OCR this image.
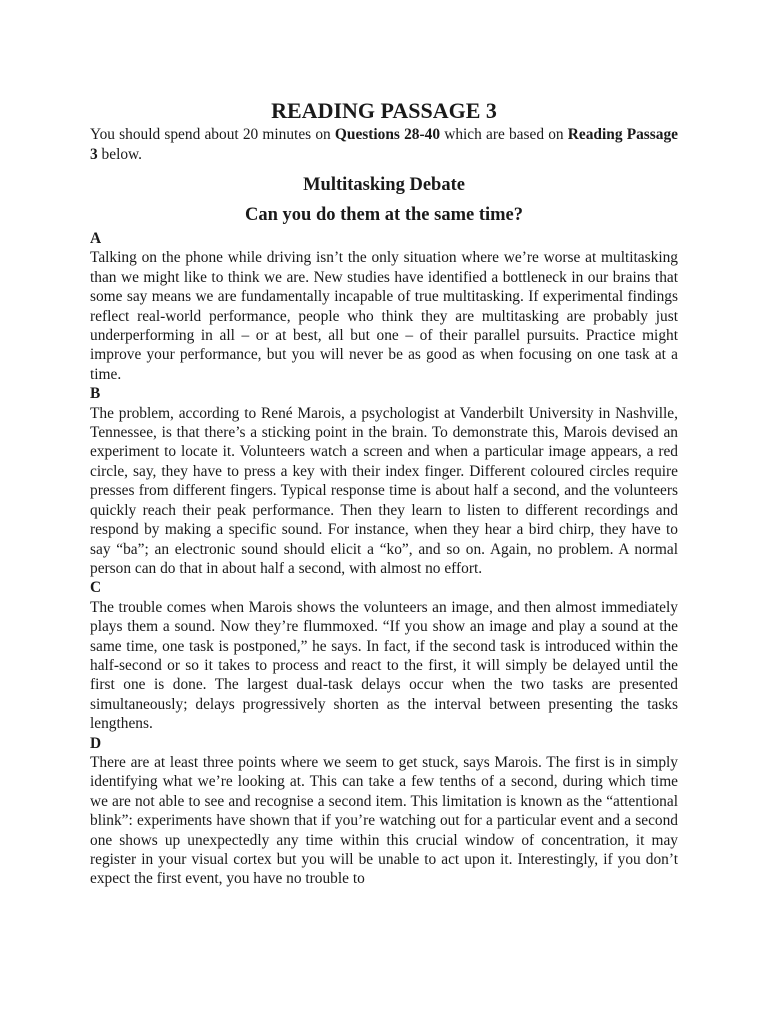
READING PASSAGE 3

You should spend about 20 minutes on Questions 28-40 which are based on Reading Passage 3 below.

Multitasking Debate
Can you do them at the same time?

A

Talking on the phone while driving isn’t the only situation where we’re worse at multitasking than we might like to think we are. New studies have identified a bottleneck in our brains that some say means we are fundamentally incapable of true multitasking. If experimental findings reflect real-world performance, people who think they are multitasking are probably just underperforming in all – or at best, all but one – of their parallel pursuits. Practice might improve your performance, but you will never be as good as when focusing on one task at a time.

B

The problem, according to René Marois, a psychologist at Vanderbilt University in Nashville, Tennessee, is that there’s a sticking point in the brain. To demonstrate this, Marois devised an experiment to locate it. Volunteers watch a screen and when a particular image appears, a red circle, say, they have to press a key with their index finger. Different coloured circles require presses from different fingers. Typical response time is about half a second, and the volunteers quickly reach their peak performance. Then they learn to listen to different recordings and respond by making a specific sound. For instance, when they hear a bird chirp, they have to say “ba”; an electronic sound should elicit a “ko”, and so on. Again, no problem. A normal person can do that in about half a second, with almost no effort.

C

The trouble comes when Marois shows the volunteers an image, and then almost immediately plays them a sound. Now they’re flummoxed. “If you show an image and play a sound at the same time, one task is postponed,” he says. In fact, if the second task is introduced within the half-second or so it takes to process and react to the first, it will simply be delayed until the first one is done. The largest dual-task delays occur when the two tasks are presented simultaneously; delays progressively shorten as the interval between presenting the tasks lengthens.

D

There are at least three points where we seem to get stuck, says Marois. The first is in simply identifying what we’re looking at. This can take a few tenths of a second, during which time we are not able to see and recognise a second item. This limitation is known as the “attentional blink”: experiments have shown that if you’re watching out for a particular event and a second one shows up unexpectedly any time within this crucial window of concentration, it may register in your visual cortex but you will be unable to act upon it. Interestingly, if you don’t expect the first event, you have no trouble to
